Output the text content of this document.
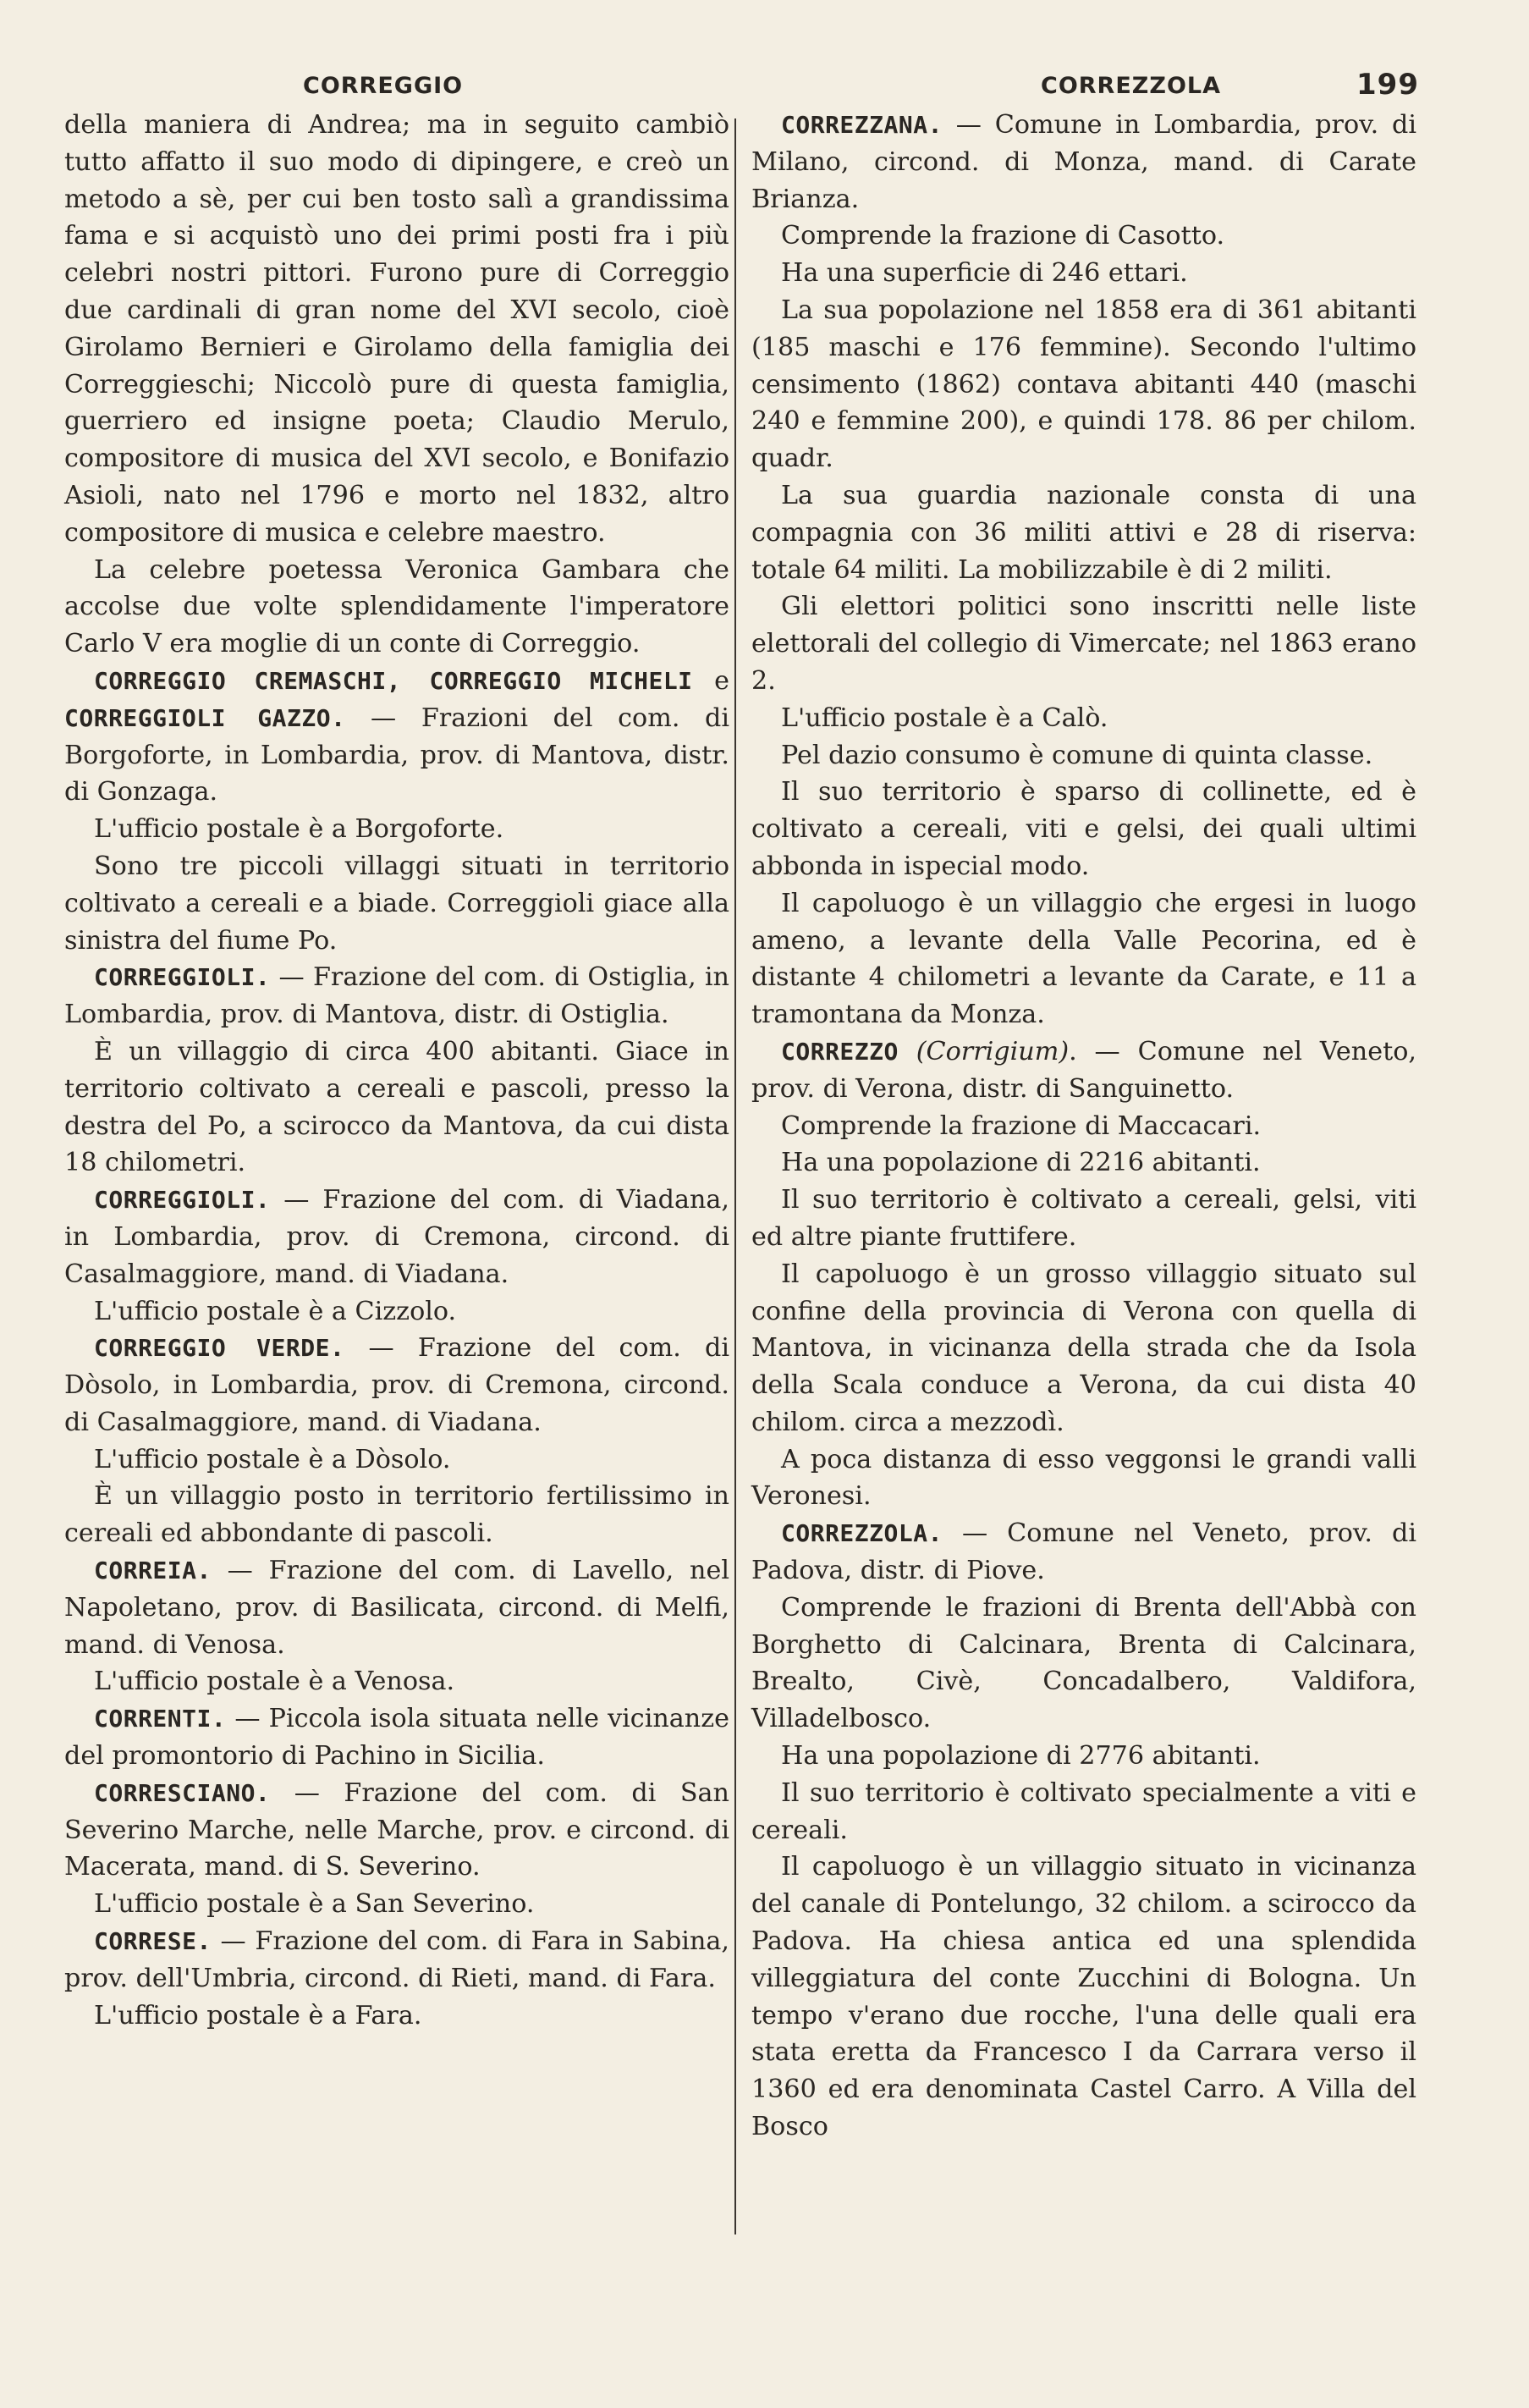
CORREGGIO	CORREZZOLA	199

della maniera di Andrea; ma in seguito cambiò tutto affatto il suo modo di dipingere, e creò un metodo a sè, per cui ben tosto salì a grandissima fama e si acquistò uno dei primi posti fra i più celebri nostri pittori. Furono pure di Correggio due cardinali di gran nome del XVI secolo, cioè Girolamo Bernieri e Girolamo della famiglia dei Correggieschi; Niccolò pure di questa famiglia, guerriero ed insigne poeta; Claudio Merulo, compositore di musica del XVI secolo, e Bonifazio Asioli, nato nel 1796 e morto nel 1832, altro compositore di musica e celebre maestro.

La celebre poetessa Veronica Gambara che accolse due volte splendidamente l'imperatore Carlo V era moglie di un conte di Correggio.

CORREGGIO CREMASCHI, CORREGGIO MICHELI e CORREGGIOLI GAZZO. — Frazioni del com. di Borgoforte, in Lombardia, prov. di Mantova, distr. di Gonzaga.

L'ufficio postale è a Borgoforte.

Sono tre piccoli villaggi situati in territorio coltivato a cereali e a biade. Correggioli giace alla sinistra del fiume Po.

CORREGGIOLI. — Frazione del com. di Ostiglia, in Lombardia, prov. di Mantova, distr. di Ostiglia.

È un villaggio di circa 400 abitanti. Giace in territorio coltivato a cereali e pascoli, presso la destra del Po, a scirocco da Mantova, da cui dista 18 chilometri.

CORREGGIOLI. — Frazione del com. di Viadana, in Lombardia, prov. di Cremona, circond. di Casalmaggiore, mand. di Viadana.

L'ufficio postale è a Cizzolo.

CORREGGIO VERDE. — Frazione del com. di Dòsolo, in Lombardia, prov. di Cremona, circond. di Casalmaggiore, mand. di Viadana.

L'ufficio postale è a Dòsolo.

È un villaggio posto in territorio fertilissimo in cereali ed abbondante di pascoli.

CORREIA. — Frazione del com. di Lavello, nel Napoletano, prov. di Basilicata, circond. di Melfi, mand. di Venosa.

L'ufficio postale è a Venosa.

CORRENTI. — Piccola isola situata nelle vicinanze del promontorio di Pachino in Sicilia.

CORRESCIANO. — Frazione del com. di San Severino Marche, nelle Marche, prov. e circond. di Macerata, mand. di S. Severino.

L'ufficio postale è a San Severino.

CORRESE. — Frazione del com. di Fara in Sabina, prov. dell'Umbria, circond. di Rieti, mand. di Fara.

L'ufficio postale è a Fara.

CORREZZANA. — Comune in Lombardia, prov. di Milano, circond. di Monza, mand. di Carate Brianza.

Comprende la frazione di Casotto.

Ha una superficie di 246 ettari.

La sua popolazione nel 1858 era di 361 abitanti (185 maschi e 176 femmine). Secondo l'ultimo censimento (1862) contava abitanti 440 (maschi 240 e femmine 200), e quindi 178. 86 per chilom. quadr.

La sua guardia nazionale consta di una compagnia con 36 militi attivi e 28 di riserva: totale 64 militi. La mobilizzabile è di 2 militi.

Gli elettori politici sono inscritti nelle liste elettorali del collegio di Vimercate; nel 1863 erano 2.

L'ufficio postale è a Calò.

Pel dazio consumo è comune di quinta classe.

Il suo territorio è sparso di collinette, ed è coltivato a cereali, viti e gelsi, dei quali ultimi abbonda in ispecial modo.

Il capoluogo è un villaggio che ergesi in luogo ameno, a levante della Valle Pecorina, ed è distante 4 chilometri a levante da Carate, e 11 a tramontana da Monza.

CORREZZO (Corrigium). — Comune nel Veneto, prov. di Verona, distr. di Sanguinetto.

Comprende la frazione di Maccacari.

Ha una popolazione di 2216 abitanti.

Il suo territorio è coltivato a cereali, gelsi, viti ed altre piante fruttifere.

Il capoluogo è un grosso villaggio situato sul confine della provincia di Verona con quella di Mantova, in vicinanza della strada che da Isola della Scala conduce a Verona, da cui dista 40 chilom. circa a mezzodì.

A poca distanza di esso veggonsi le grandi valli Veronesi.

CORREZZOLA. — Comune nel Veneto, prov. di Padova, distr. di Piove.

Comprende le frazioni di Brenta dell'Abbà con Borghetto di Calcinara, Brenta di Calcinara, Brealto, Civè, Concadalbero, Valdifora, Villadelbosco.

Ha una popolazione di 2776 abitanti.

Il suo territorio è coltivato specialmente a viti e cereali.

Il capoluogo è un villaggio situato in vicinanza del canale di Pontelungo, 32 chilom. a scirocco da Padova. Ha chiesa antica ed una splendida villeggiatura del conte Zucchini di Bologna. Un tempo v'erano due rocche, l'una delle quali era stata eretta da Francesco I da Carrara verso il 1360 ed era denominata Castel Carro. A Villa del Bosco
